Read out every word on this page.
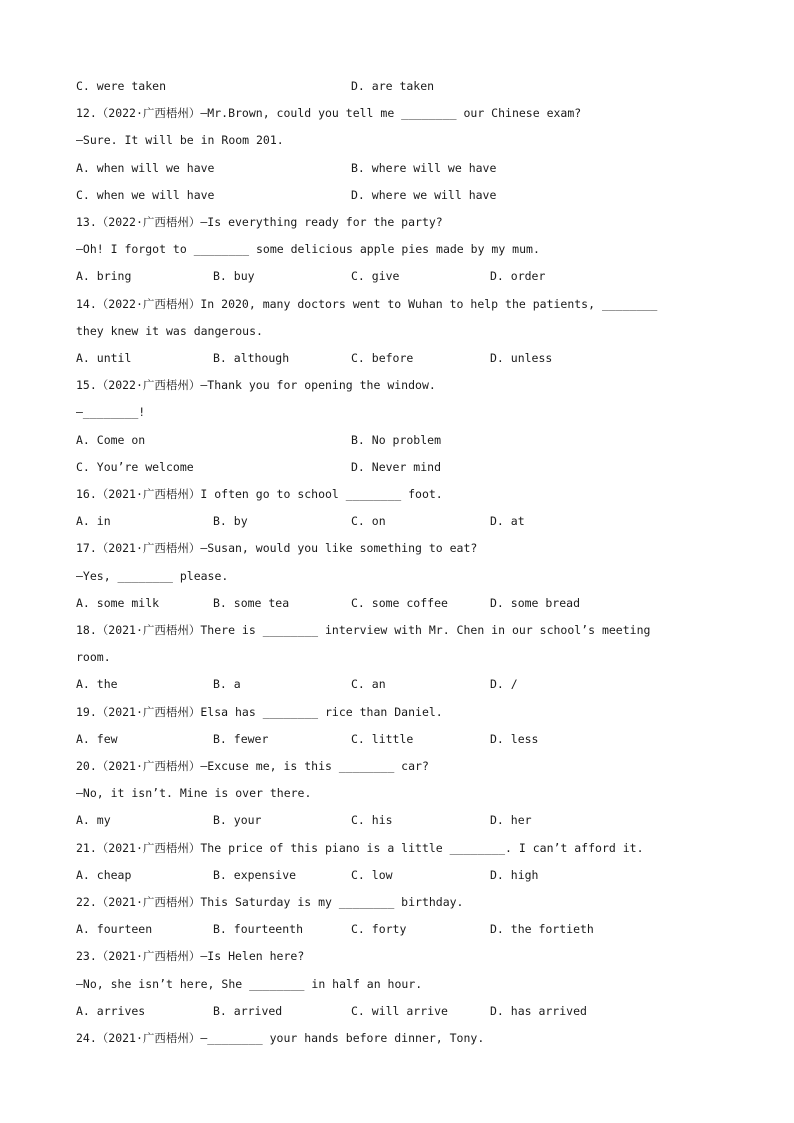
C. were taken	D. are taken
12.（2022·广西梧州）—Mr.Brown, could you tell me ________ our Chinese exam?
—Sure. It will be in Room 201.
A. when will we have	B. where will we have
C. when we will have	D. where we will have
13.（2022·广西梧州）—Is everything ready for the party?
—Oh! I forgot to ________ some delicious apple pies made by my mum.
A. bring	B. buy	C. give	D. order
14.（2022·广西梧州）In 2020, many doctors went to Wuhan to help the patients, ________
they knew it was dangerous.
A. until	B. although	C. before	D. unless
15.（2022·广西梧州）—Thank you for opening the window.
—________!
A. Come on	B. No problem
C. You’re welcome	D. Never mind
16.（2021·广西梧州）I often go to school ________ foot.
A. in	B. by	C. on	D. at
17.（2021·广西梧州）—Susan, would you like something to eat?
—Yes, ________ please.
A. some milk	B. some tea	C. some coffee	D. some bread
18.（2021·广西梧州）There is ________ interview with Mr. Chen in our school’s meeting
room.
A. the	B. a	C. an	D. /
19.（2021·广西梧州）Elsa has ________ rice than Daniel.
A. few	B. fewer	C. little	D. less
20.（2021·广西梧州）—Excuse me, is this ________ car?
—No, it isn’t. Mine is over there.
A. my	B. your	C. his	D. her
21.（2021·广西梧州）The price of this piano is a little ________. I can’t afford it.
A. cheap	B. expensive	C. low	D. high
22.（2021·广西梧州）This Saturday is my ________ birthday.
A. fourteen	B. fourteenth	C. forty	D. the fortieth
23.（2021·广西梧州）—Is Helen here?
—No, she isn’t here, She ________ in half an hour.
A. arrives	B. arrived	C. will arrive	D. has arrived
24.（2021·广西梧州）—________ your hands before dinner, Tony.
